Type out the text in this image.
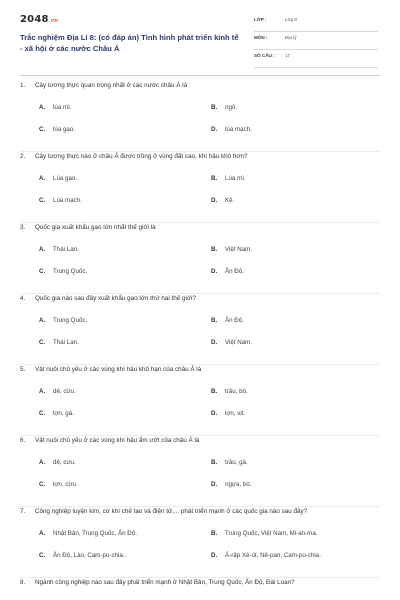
2048.vn
Trắc nghiệm Địa Lí 8: (có đáp án) Tình hình phát triển kinh tế - xã hội ở các nước Châu Á
LỚP :	Lớp 8
MÔN :	Địa lý
SỐ CÂU : 17
1. Cây lương thực quan trọng nhất ở các nước châu Á là
A. lúa mì.	B. ngô.
C. lúa gạo.	D. lúa mạch.
2. Cây lương thực nào ở châu Á được trồng ở vùng đất cao, khí hậu khô hơn?
A. Lúa gạo.	B. Lúa mì.
C. Lúa mạch.	D. Kê.
3. Quốc gia xuất khẩu gạo lớn nhất thế giới là
A. Thái Lan.	B. Việt Nam.
C. Trung Quốc.	D. Ấn Độ.
4. Quốc gia nào sau đây xuất khẩu gạo lớn thứ hai thế giới?
A. Trung Quốc.	B. Ấn Độ.
C. Thái Lan.	D. Việt Nam.
5. Vật nuôi chủ yếu ở các vùng khí hậu khô hạn của châu Á là
A. dê, cừu.	B. trâu, bò.
C. lợn, gà.	D. lợn, vịt.
6. Vật nuôi chủ yếu ở các vùng khí hậu ẩm ướt của châu Á là
A. dê, cừu.	B. trâu, gà.
C. lợn, cừu.	D. ngựa, bò.
7. Công nghiệp luyện kim, cơ khí chế tạo và điện tử,... phát triển mạnh ở các quốc gia nào sau đây?
A. Nhật Bản, Trung Quốc, Ấn Độ.	B. Trung Quốc, Việt Nam, Mi-an-ma.
C. Ấn Độ, Lào, Cam-pu-chia..	D. Á-rập Xê-út, Nê-pan, Cam-pu-chia.
8. Ngành công nghiệp nào sau đây phát triển mạnh ở Nhật Bản, Trung Quốc, Ấn Độ, Đài Loan?
